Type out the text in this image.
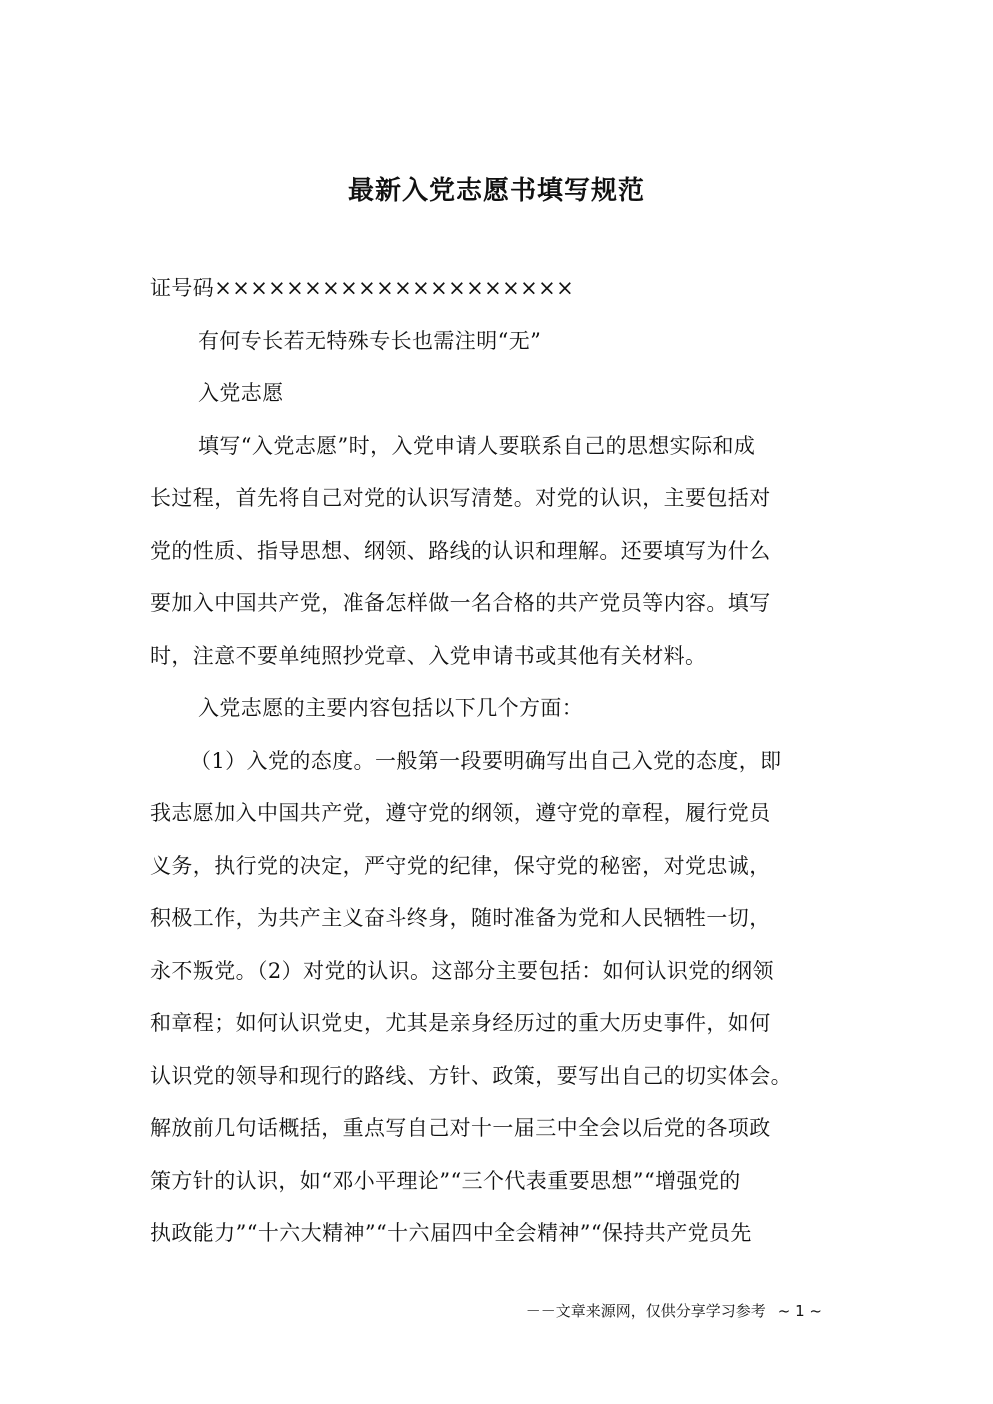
最新入党志愿书填写规范
证号码××××××××××××××××××××
有何专长若无特殊专长也需注明“无”
入党志愿
填写“入党志愿”时，入党申请人要联系自己的思想实际和成
长过程，首先将自己对党的认识写清楚。对党的认识，主要包括对
党的性质、指导思想、纲领、路线的认识和理解。还要填写为什么
要加入中国共产党，准备怎样做一名合格的共产党员等内容。填写
时，注意不要单纯照抄党章、入党申请书或其他有关材料。
入党志愿的主要内容包括以下几个方面：
（1）入党的态度。一般第一段要明确写出自己入党的态度，即
我志愿加入中国共产党，遵守党的纲领，遵守党的章程，履行党员
义务，执行党的决定，严守党的纪律，保守党的秘密，对党忠诚，
积极工作，为共产主义奋斗终身，随时准备为党和人民牺牲一切，
永不叛党。（2）对党的认识。这部分主要包括：如何认识党的纲领
和章程；如何认识党史，尤其是亲身经历过的重大历史事件，如何
认识党的领导和现行的路线、方针、政策，要写出自己的切实体会。
解放前几句话概括，重点写自己对十一届三中全会以后党的各项政
策方针的认识，如“邓小平理论”“三个代表重要思想”“增强党的
执政能力”“十六大精神”“十六届四中全会精神”“保持共产党员先
－－文章来源网，仅供分享学习参考 ~ 1 ~
